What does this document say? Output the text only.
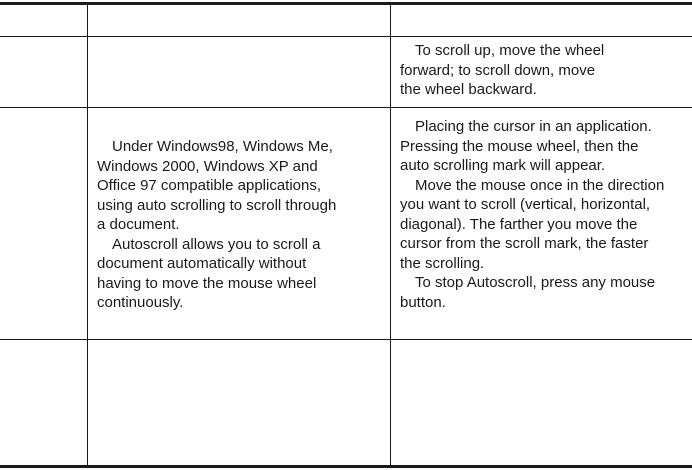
To scroll up, move the wheel
forward; to scroll down, move
the wheel backward.

Under Windows98, Windows Me,
Windows 2000, Windows XP and
Office 97 compatible applications,
using auto scrolling to scroll through
a document.

Autoscroll allows you to scroll a
document automatically without
having to move the mouse wheel
continuously.

Placing the cursor in an application.
Pressing the mouse wheel, then the
auto scrolling mark will appear.

Move the mouse once in the direction
you want to scroll (vertical, horizontal,
diagonal). The farther you move the
cursor from the scroll mark, the faster
the scrolling.

To stop Autoscroll, press any mouse
button.
